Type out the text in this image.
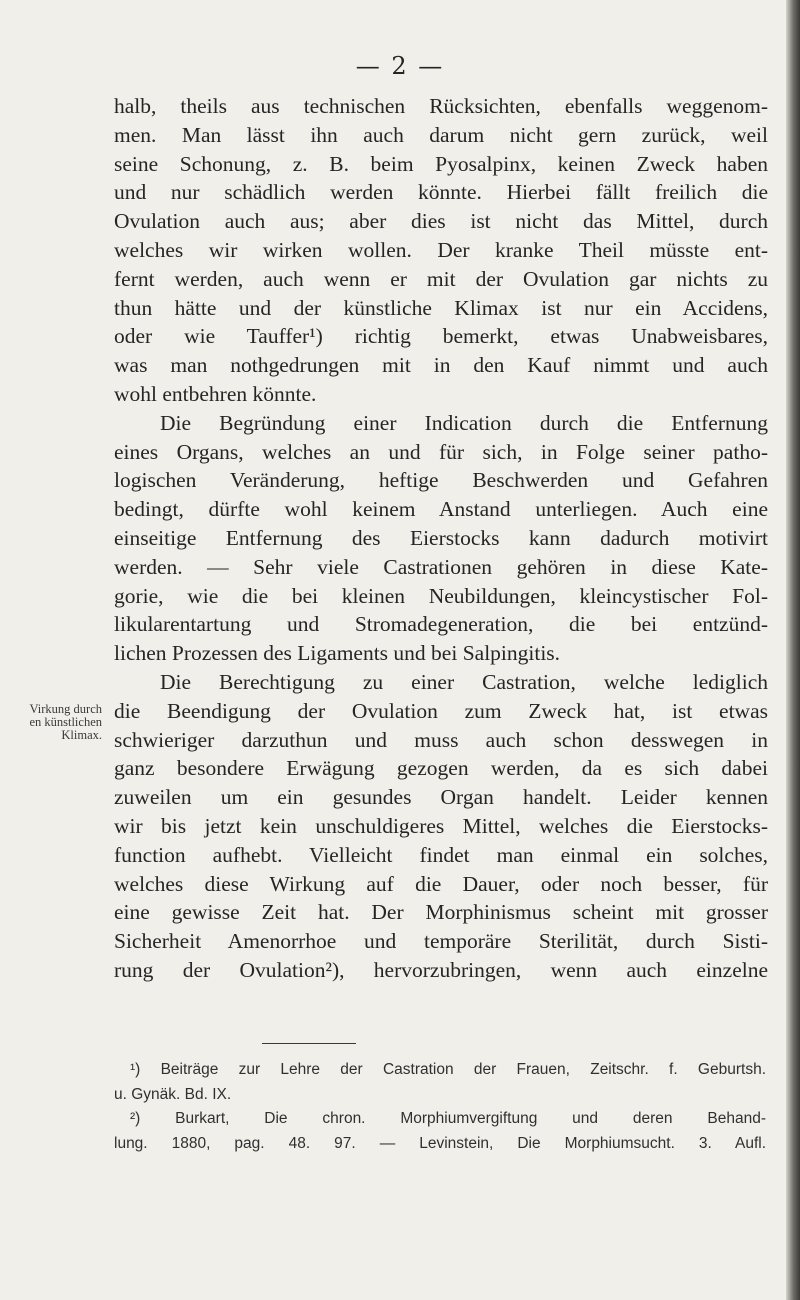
— 2 —
Virkung durch
en künstlichen
Klimax.
halb, theils aus technischen Rücksichten, ebenfalls weggenom-
men. Man lässt ihn auch darum nicht gern zurück, weil
seine Schonung, z. B. beim Pyosalpinx, keinen Zweck haben
und nur schädlich werden könnte. Hierbei fällt freilich die
Ovulation auch aus; aber dies ist nicht das Mittel, durch
welches wir wirken wollen. Der kranke Theil müsste ent-
fernt werden, auch wenn er mit der Ovulation gar nichts zu
thun hätte und der künstliche Klimax ist nur ein Accidens,
oder wie Tauffer¹) richtig bemerkt, etwas Unabweisbares,
was man nothgedrungen mit in den Kauf nimmt und auch
wohl entbehren könnte.
Die Begründung einer Indication durch die Entfernung
eines Organs, welches an und für sich, in Folge seiner patho-
logischen Veränderung, heftige Beschwerden und Gefahren
bedingt, dürfte wohl keinem Anstand unterliegen. Auch eine
einseitige Entfernung des Eierstocks kann dadurch motivirt
werden. — Sehr viele Castrationen gehören in diese Kate-
gorie, wie die bei kleinen Neubildungen, kleincystischer Fol-
likularentartung und Stromadegeneration, die bei entzünd-
lichen Prozessen des Ligaments und bei Salpingitis.
Die Berechtigung zu einer Castration, welche lediglich
die Beendigung der Ovulation zum Zweck hat, ist etwas
schwieriger darzuthun und muss auch schon desswegen in
ganz besondere Erwägung gezogen werden, da es sich dabei
zuweilen um ein gesundes Organ handelt. Leider kennen
wir bis jetzt kein unschuldigeres Mittel, welches die Eierstocks-
function aufhebt. Vielleicht findet man einmal ein solches,
welches diese Wirkung auf die Dauer, oder noch besser, für
eine gewisse Zeit hat. Der Morphinismus scheint mit grosser
Sicherheit Amenorrhoe und temporäre Sterilität, durch Sisti-
rung der Ovulation²), hervorzubringen, wenn auch einzelne
¹) Beiträge zur Lehre der Castration der Frauen, Zeitschr. f. Geburtsh.
u. Gynäk. Bd. IX.
²) Burkart, Die chron. Morphiumvergiftung und deren Behand-
lung. 1880, pag. 48. 97. — Levinstein, Die Morphiumsucht. 3. Aufl.
